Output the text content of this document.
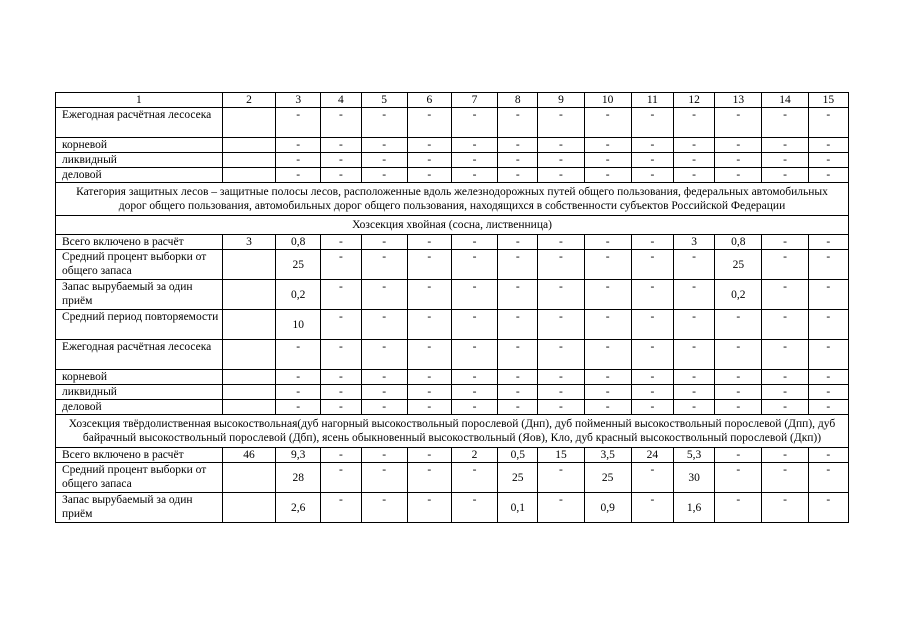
1	2	3	4	5	6	7	8	9	10	11	12	13	14	15
Ежегодная расчётная лесосека		-	-	-	-	-	-	-	-	-	-	-	-	-
корневой		-	-	-	-	-	-	-	-	-	-	-	-	-
ликвидный		-	-	-	-	-	-	-	-	-	-	-	-	-
деловой		-	-	-	-	-	-	-	-	-	-	-	-	-
Категория защитных лесов – защитные полосы лесов, расположенные вдоль железнодорожных путей общего пользования, федеральных автомобильных дорог общего пользования, автомобильных дорог общего пользования, находящихся в собственности субъектов Российской Федерации														
Хозсекция хвойная (сосна, лиственница)														
Всего включено в расчёт	3	0,8	-	-	-	-	-	-	-	-	3	0,8	-	-
Средний процент выборки от общего запаса		25	-	-	-	-	-	-	-	-	-	25	-	-
Запас вырубаемый за один приём		0,2	-	-	-	-	-	-	-	-	-	0,2	-	-
Средний период повторяемости		10	-	-	-	-	-	-	-	-	-	-	-	-
Ежегодная расчётная лесосека		-	-	-	-	-	-	-	-	-	-	-	-	-
корневой		-	-	-	-	-	-	-	-	-	-	-	-	-
ликвидный		-	-	-	-	-	-	-	-	-	-	-	-	-
деловой		-	-	-	-	-	-	-	-	-	-	-	-	-
Хозсекция твёрдолиственная высокоствольная(дуб нагорный высокоствольный порослевой (Днп), дуб пойменный высокоствольный порослевой (Дпп), дуб байрачный высокоствольный порослевой (Дбп), ясень обыкновенный высокоствольный (Яов), Кло, дуб красный высокоствольный порослевой (Дкп))														
Всего включено в расчёт	46	9,3	-	-	-	2	0,5	15	3,5	24	5,3	-	-	-
Средний процент выборки от общего запаса		28	-	-	-	-	25	-	25	-	30	-	-	-
Запас вырубаемый за один приём		2,6	-	-	-	-	0,1	-	0,9	-	1,6	-	-	-
